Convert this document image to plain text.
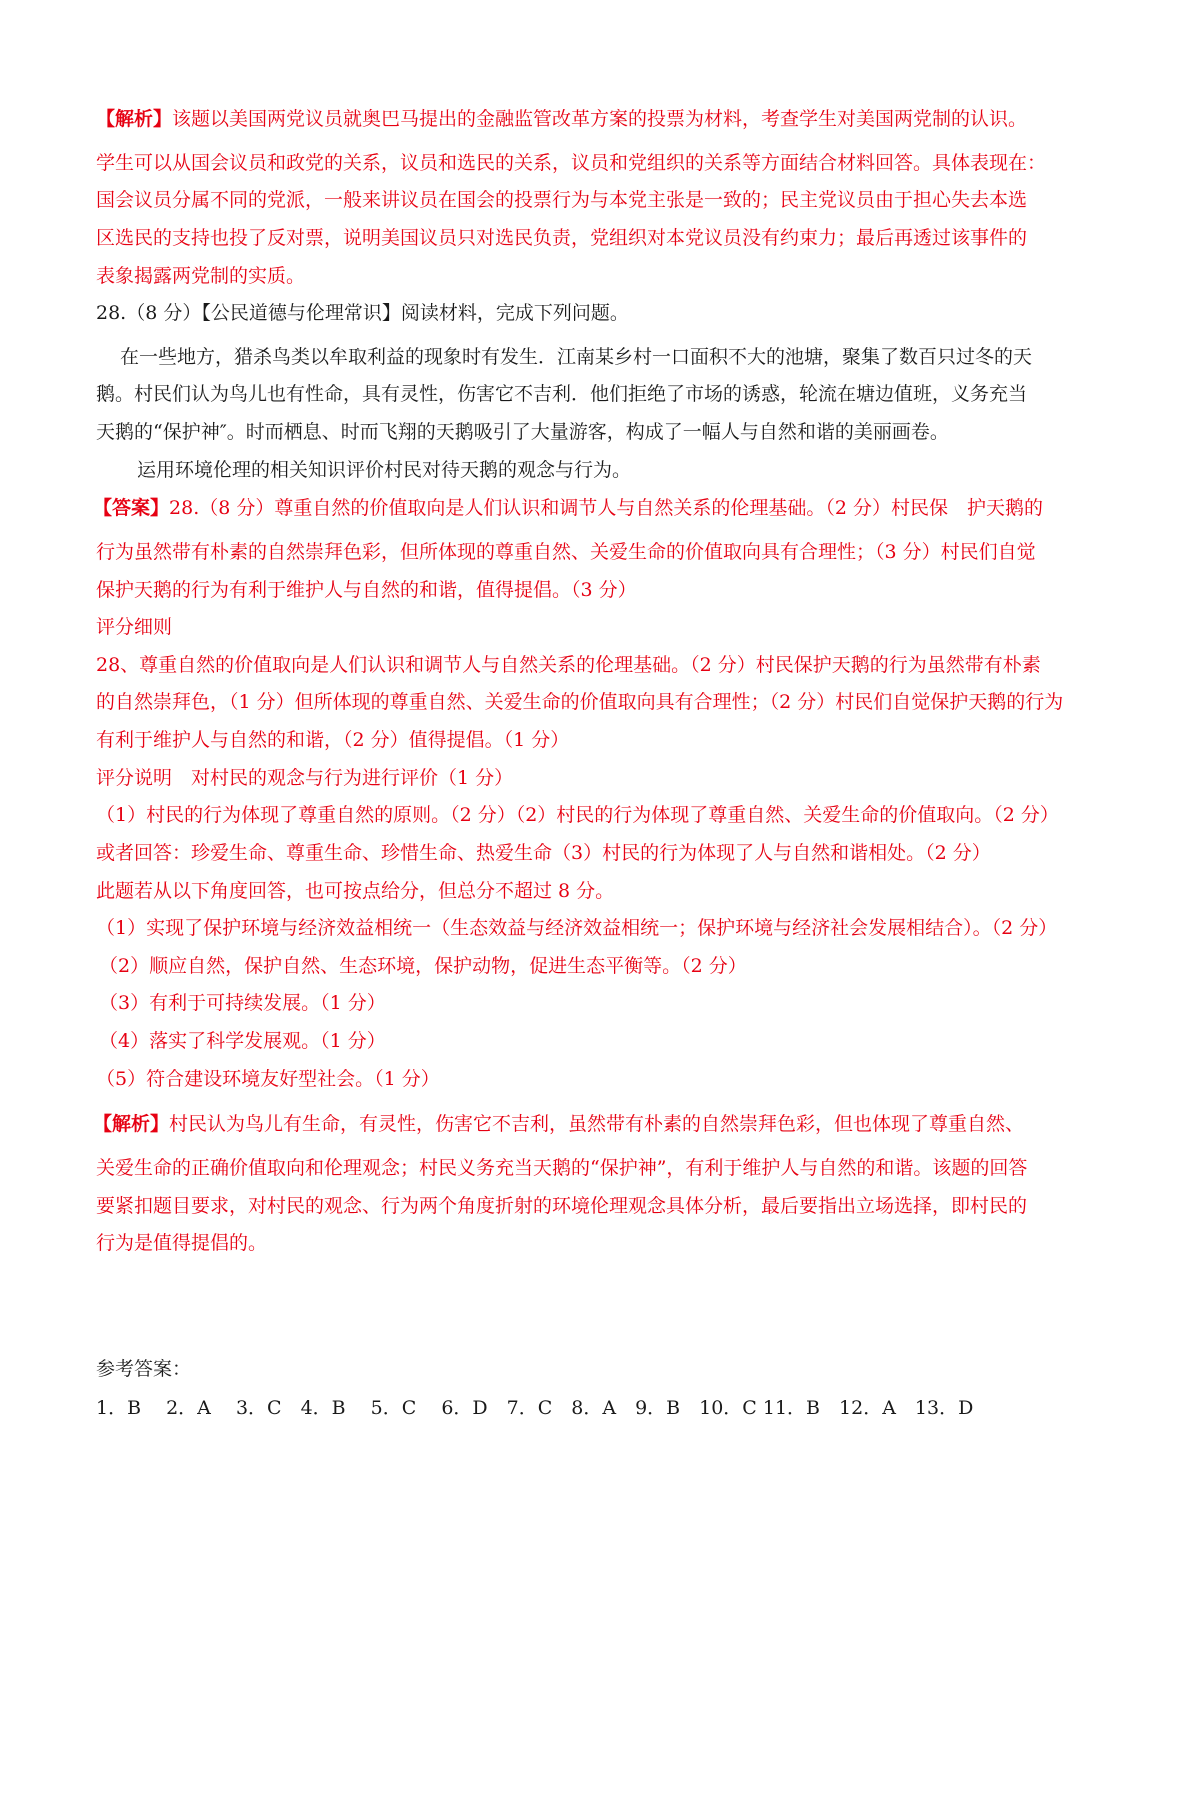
【解析】该题以美国两党议员就奥巴马提出的金融监管改革方案的投票为材料，考查学生对美国两党制的认识。
学生可以从国会议员和政党的关系，议员和选民的关系，议员和党组织的关系等方面结合材料回答。具体表现在：
国会议员分属不同的党派，一般来讲议员在国会的投票行为与本党主张是一致的；民主党议员由于担心失去本选
区选民的支持也投了反对票，说明美国议员只对选民负责，党组织对本党议员没有约束力；最后再透过该事件的
表象揭露两党制的实质。
28.（8 分）【公民道德与伦理常识】阅读材料，完成下列问题。
在一些地方，猎杀鸟类以牟取利益的现象时有发生．江南某乡村一口面积不大的池塘，聚集了数百只过冬的天
鹅。村民们认为鸟儿也有性命，具有灵性，伤害它不吉利．他们拒绝了市场的诱惑，轮流在塘边值班，义务充当
天鹅的“保护神″。时而栖息、时而飞翔的天鹅吸引了大量游客，构成了一幅人与自然和谐的美丽画卷。
运用环境伦理的相关知识评价村民对待天鹅的观念与行为。
【答案】28.（8 分）尊重自然的价值取向是人们认识和调节人与自然关系的伦理基础。（2 分）村民保　护天鹅的
行为虽然带有朴素的自然崇拜色彩，但所体现的尊重自然、关爱生命的价值取向具有合理性；（3 分）村民们自觉
保护天鹅的行为有利于维护人与自然的和谐，值得提倡。（3 分）
评分细则
28、尊重自然的价值取向是人们认识和调节人与自然关系的伦理基础。（2 分）村民保护天鹅的行为虽然带有朴素
的自然崇拜色，（1 分）但所体现的尊重自然、关爱生命的价值取向具有合理性；（2 分）村民们自觉保护天鹅的行为
有利于维护人与自然的和谐，（2 分）值得提倡。（1 分）
评分说明　对村民的观念与行为进行评价（1 分）
（1）村民的行为体现了尊重自然的原则。（2 分）（2）村民的行为体现了尊重自然、关爱生命的价值取向。（2 分）
或者回答：珍爱生命、尊重生命、珍惜生命、热爱生命（3）村民的行为体现了人与自然和谐相处。（2 分）
此题若从以下角度回答，也可按点给分，但总分不超过 8 分。
（1）实现了保护环境与经济效益相统一（生态效益与经济效益相统一；保护环境与经济社会发展相结合）。（2 分）
（2）顺应自然，保护自然、生态环境，保护动物，促进生态平衡等。（2 分）
（3）有利于可持续发展。（1 分）
（4）落实了科学发展观。（1 分）
（5）符合建设环境友好型社会。（1 分）
【解析】村民认为鸟儿有生命，有灵性，伤害它不吉利，虽然带有朴素的自然崇拜色彩，但也体现了尊重自然、
关爱生命的正确价值取向和伦理观念；村民义务充当天鹅的“保护神”，有利于维护人与自然的和谐。该题的回答
要紧扣题目要求，对村民的观念、行为两个角度折射的环境伦理观念具体分析，最后要指出立场选择，即村民的
行为是值得提倡的。
参考答案：
1．B　 2．A　 3．C　4．B　 5．C　 6．D　7．C　8．A　9．B　10．C 11．B　12．A　13．D
